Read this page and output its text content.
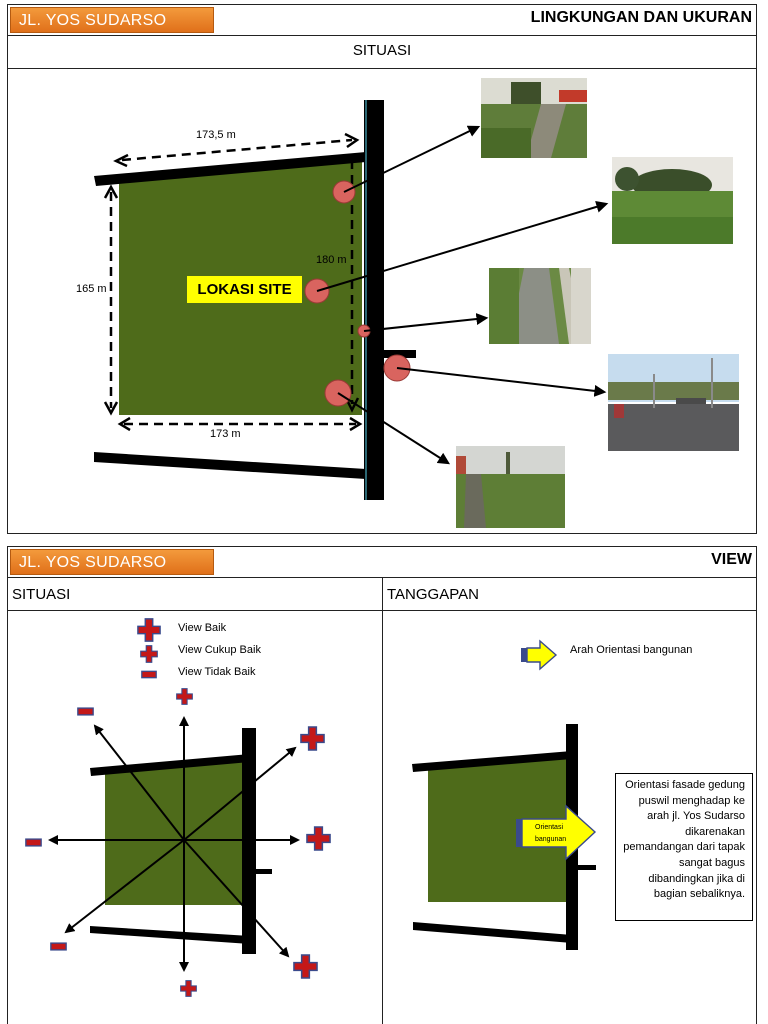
JL. YOS SUDARSO	LINGKUNGAN DAN UKURAN
SITUASI
173,5 m
180 m
165 m
173 m
LOKASI SITE
JL. YOS SUDARSO	VIEW
SITUASI	TANGGAPAN
Orientasi
bangunan
View Baik
View Cukup Baik
View Tidak Baik
Arah Orientasi bangunan
Orientasi fasade gedung puswil menghadap ke arah jl. Yos Sudarso dikarenakan pemandangan dari tapak sangat bagus dibandingkan jika di bagian sebaliknya.
